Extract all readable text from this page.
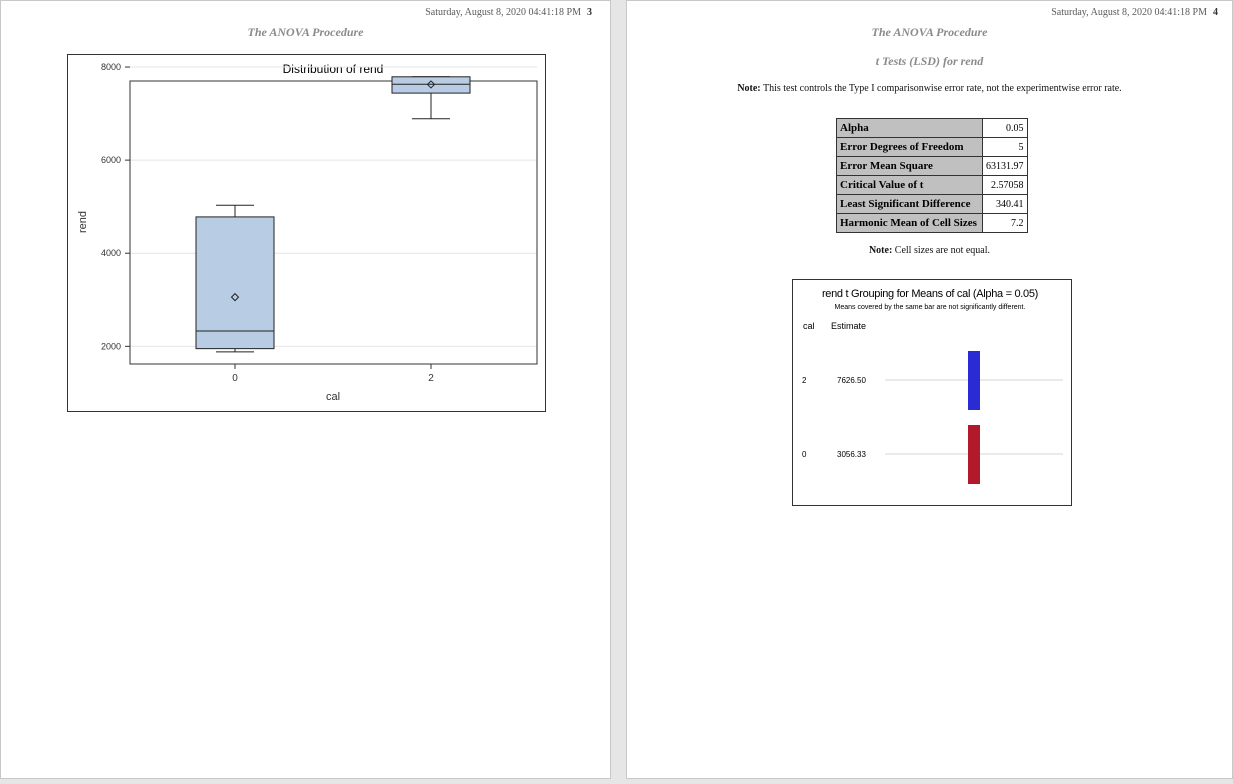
Saturday, August 8, 2020 04:41:18 PM 3
The ANOVA Procedure
Distribution of rend
2000
4000
6000
8000
0	2
cal
rend
Saturday, August 8, 2020 04:41:18 PM 4
The ANOVA Procedure
t Tests (LSD) for rend
Note: This test controls the Type I comparisonwise error rate, not the experimentwise error rate.
Alpha	0.05
Error Degrees of Freedom	5
Error Mean Square	63131.97
Critical Value of t	2.57058
Least Significant Difference	340.41
Harmonic Mean of Cell Sizes	7.2
Note: Cell sizes are not equal.
rend t Grouping for Means of cal (Alpha = 0.05)
Means covered by the same bar are not significantly different.
cal Estimate
2	7626.50
0	3056.33
